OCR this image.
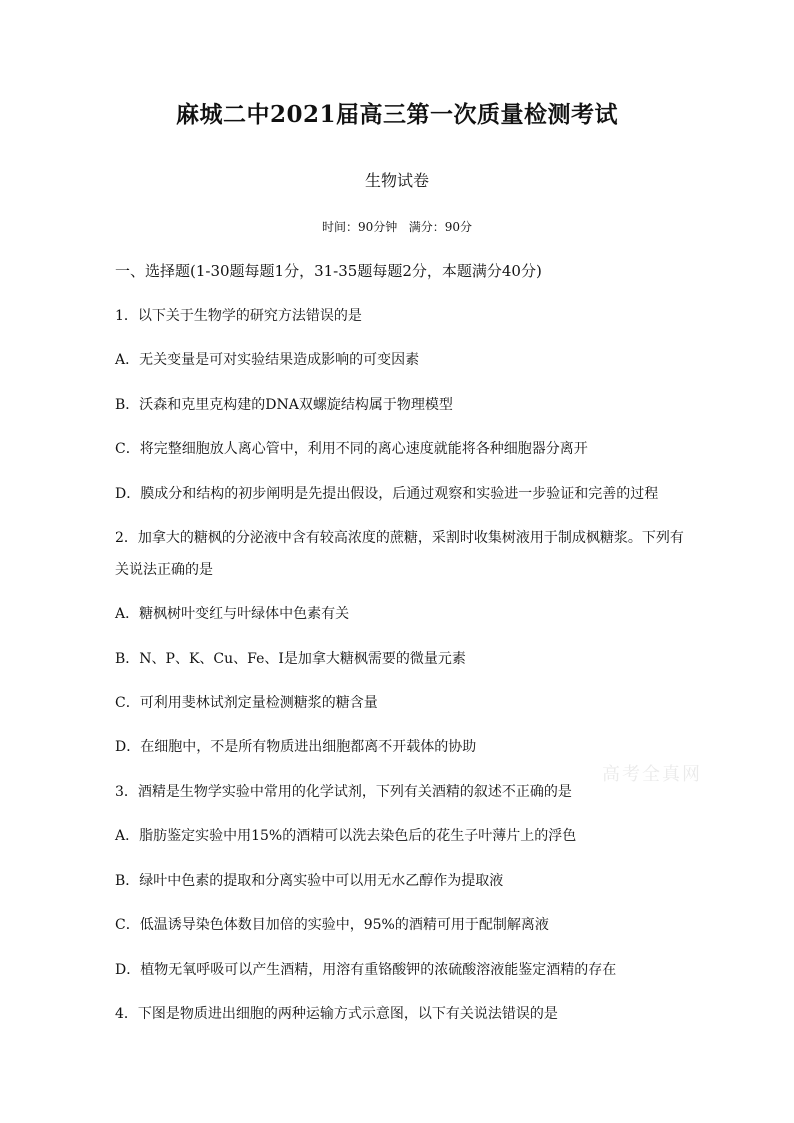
麻城二中2021届高三第一次质量检测考试
生物试卷
时间：90分钟   满分：90分
一、选择题(1-30题每题1分，31-35题每题2分，本题满分40分)
1．以下关于生物学的研究方法错误的是
A．无关变量是可对实验结果造成影响的可变因素
B．沃森和克里克构建的DNA双螺旋结构属于物理模型
C．将完整细胞放人离心管中，利用不同的离心速度就能将各种细胞器分离开
D．膜成分和结构的初步阐明是先提出假设，后通过观察和实验进一步验证和完善的过程
2．加拿大的糖枫的分泌液中含有较高浓度的蔗糖，采割时收集树液用于制成枫糖浆。下列有
关说法正确的是
A．糖枫树叶变红与叶绿体中色素有关
B．N、P、K、Cu、Fe、I是加拿大糖枫需要的微量元素
C．可利用斐林试剂定量检测糖浆的糖含量
D．在细胞中，不是所有物质进出细胞都离不开载体的协助
3．酒精是生物学实验中常用的化学试剂，下列有关酒精的叙述不正确的是
A．脂肪鉴定实验中用15%的酒精可以洗去染色后的花生子叶薄片上的浮色
B．绿叶中色素的提取和分离实验中可以用无水乙醇作为提取液
C．低温诱导染色体数目加倍的实验中，95%的酒精可用于配制解离液
D．植物无氧呼吸可以产生酒精，用溶有重铬酸钾的浓硫酸溶液能鉴定酒精的存在
4．下图是物质进出细胞的两种运输方式示意图，以下有关说法错误的是
高考全真网
